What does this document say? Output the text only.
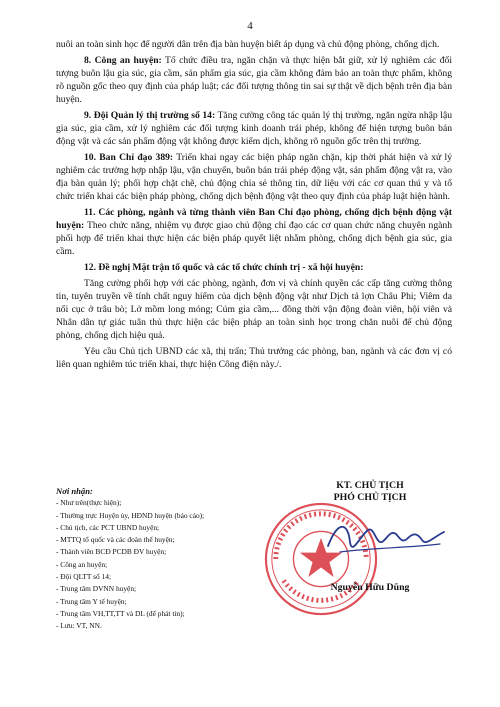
4

nuôi an toàn sinh học để người dân trên địa bàn huyện biết áp dụng và chủ động phòng, chống dịch.

8. Công an huyện: Tổ chức điều tra, ngăn chặn và thực hiện bắt giữ, xử lý nghiêm các đối tượng buôn lậu gia súc, gia cầm, sản phẩm gia súc, gia cầm không đảm bảo an toàn thực phẩm, không rõ nguồn gốc theo quy định của pháp luật; các đối tượng thông tin sai sự thật về dịch bệnh trên địa bàn huyện.

9. Đội Quản lý thị trường số 14: Tăng cường công tác quản lý thị trường, ngăn ngừa nhập lậu gia súc, gia cầm, xử lý nghiêm các đối tượng kinh doanh trái phép, không để hiện tượng buôn bán động vật và các sản phẩm động vật không được kiểm dịch, không rõ nguồn gốc trên thị trường.

10. Ban Chỉ đạo 389: Triển khai ngay các biện pháp ngăn chặn, kịp thời phát hiện và xử lý nghiêm các trường hợp nhập lậu, vận chuyển, buôn bán trái phép động vật, sản phẩm động vật ra, vào địa bàn quản lý; phối hợp chặt chẽ, chủ động chia sẻ thông tin, dữ liệu với các cơ quan thú y và tổ chức triển khai các biện pháp phòng, chống dịch bệnh động vật theo quy định của pháp luật hiện hành.

11. Các phòng, ngành và từng thành viên Ban Chỉ đạo phòng, chống dịch bệnh động vật huyện: Theo chức năng, nhiệm vụ được giao chủ động chỉ đạo các cơ quan chức năng chuyên ngành phối hợp để triển khai thực hiện các biện pháp quyết liệt nhằm phòng, chống dịch bệnh gia súc, gia cầm.

12. Đề nghị Mặt trận tổ quốc và các tổ chức chính trị - xã hội huyện:

Tăng cường phối hợp với các phòng, ngành, đơn vị và chính quyền các cấp tăng cường thông tin, tuyên truyền về tính chất nguy hiểm của dịch bệnh động vật như Dịch tả lợn Châu Phi; Viêm da nổi cục ở trâu bò; Lở mồm long móng; Cúm gia cầm,... đồng thời vận động đoàn viên, hội viên và Nhân dân tự giác tuân thủ thực hiện các biện pháp an toàn sinh học trong chăn nuôi để chủ động phòng, chống dịch hiệu quả.

Yêu cầu Chủ tịch UBND các xã, thị trấn; Thủ trưởng các phòng, ban, ngành và các đơn vị có liên quan nghiêm túc triển khai, thực hiện Công điện này./.

Nơi nhận:
- Như trên(thực hiện);
- Thường trực Huyện ủy, HĐND huyện (báo cáo);
- Chủ tịch, các PCT UBND huyện;
- MTTQ tổ quốc và các đoàn thể huyện;
- Thành viên BCĐ PCDB ĐV huyện;
- Công an huyện;
- Đội QLTT số 14;
- Trung tâm DVNN huyện;
- Trung tâm Y tế huyện;
- Trung tâm VH,TT,TT và DL (để phát tin);
- Lưu: VT, NN.
KT. CHỦ TỊCH
PHÓ CHỦ TỊCH
Nguyễn Hữu Dũng
